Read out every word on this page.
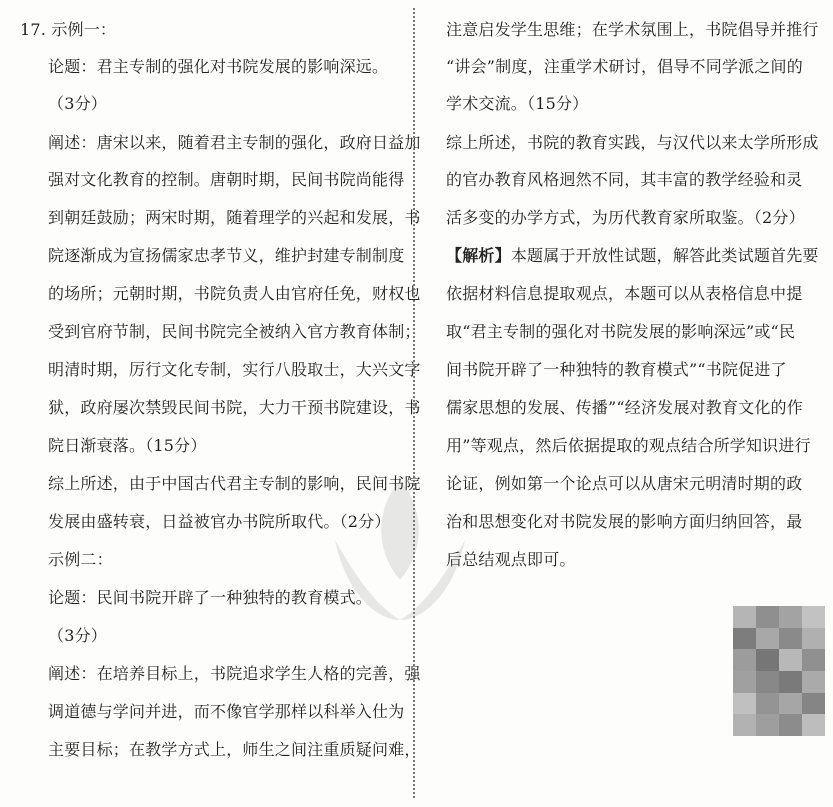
17. 示例一：
论题：君主专制的强化对书院发展的影响深远。
（3分）
阐述：唐宋以来，随着君主专制的强化，政府日益加
强对文化教育的控制。唐朝时期，民间书院尚能得
到朝廷鼓励；两宋时期，随着理学的兴起和发展，书
院逐渐成为宣扬儒家忠孝节义，维护封建专制制度
的场所；元朝时期，书院负责人由官府任免，财权也
受到官府节制，民间书院完全被纳入官方教育体制；
明清时期，厉行文化专制，实行八股取士，大兴文字
狱，政府屡次禁毁民间书院，大力干预书院建设，书
院日渐衰落。（15分）
综上所述，由于中国古代君主专制的影响，民间书院
发展由盛转衰，日益被官办书院所取代。（2分）
示例二：
论题：民间书院开辟了一种独特的教育模式。
（3分）
阐述：在培养目标上，书院追求学生人格的完善，强
调道德与学问并进，而不像官学那样以科举入仕为
主要目标；在教学方式上，师生之间注重质疑问难，
注意启发学生思维；在学术氛围上，书院倡导并推行
“讲会”制度，注重学术研讨，倡导不同学派之间的
学术交流。（15分）
综上所述，书院的教育实践，与汉代以来太学所形成
的官办教育风格迥然不同，其丰富的教学经验和灵
活多变的办学方式，为历代教育家所取鉴。（2分）
【解析】本题属于开放性试题，解答此类试题首先要
依据材料信息提取观点，本题可以从表格信息中提
取“君主专制的强化对书院发展的影响深远”或“民
间书院开辟了一种独特的教育模式”“书院促进了
儒家思想的发展、传播”“经济发展对教育文化的作
用”等观点，然后依据提取的观点结合所学知识进行
论证，例如第一个论点可以从唐宋元明清时期的政
治和思想变化对书院发展的影响方面归纳回答，最
后总结观点即可。
